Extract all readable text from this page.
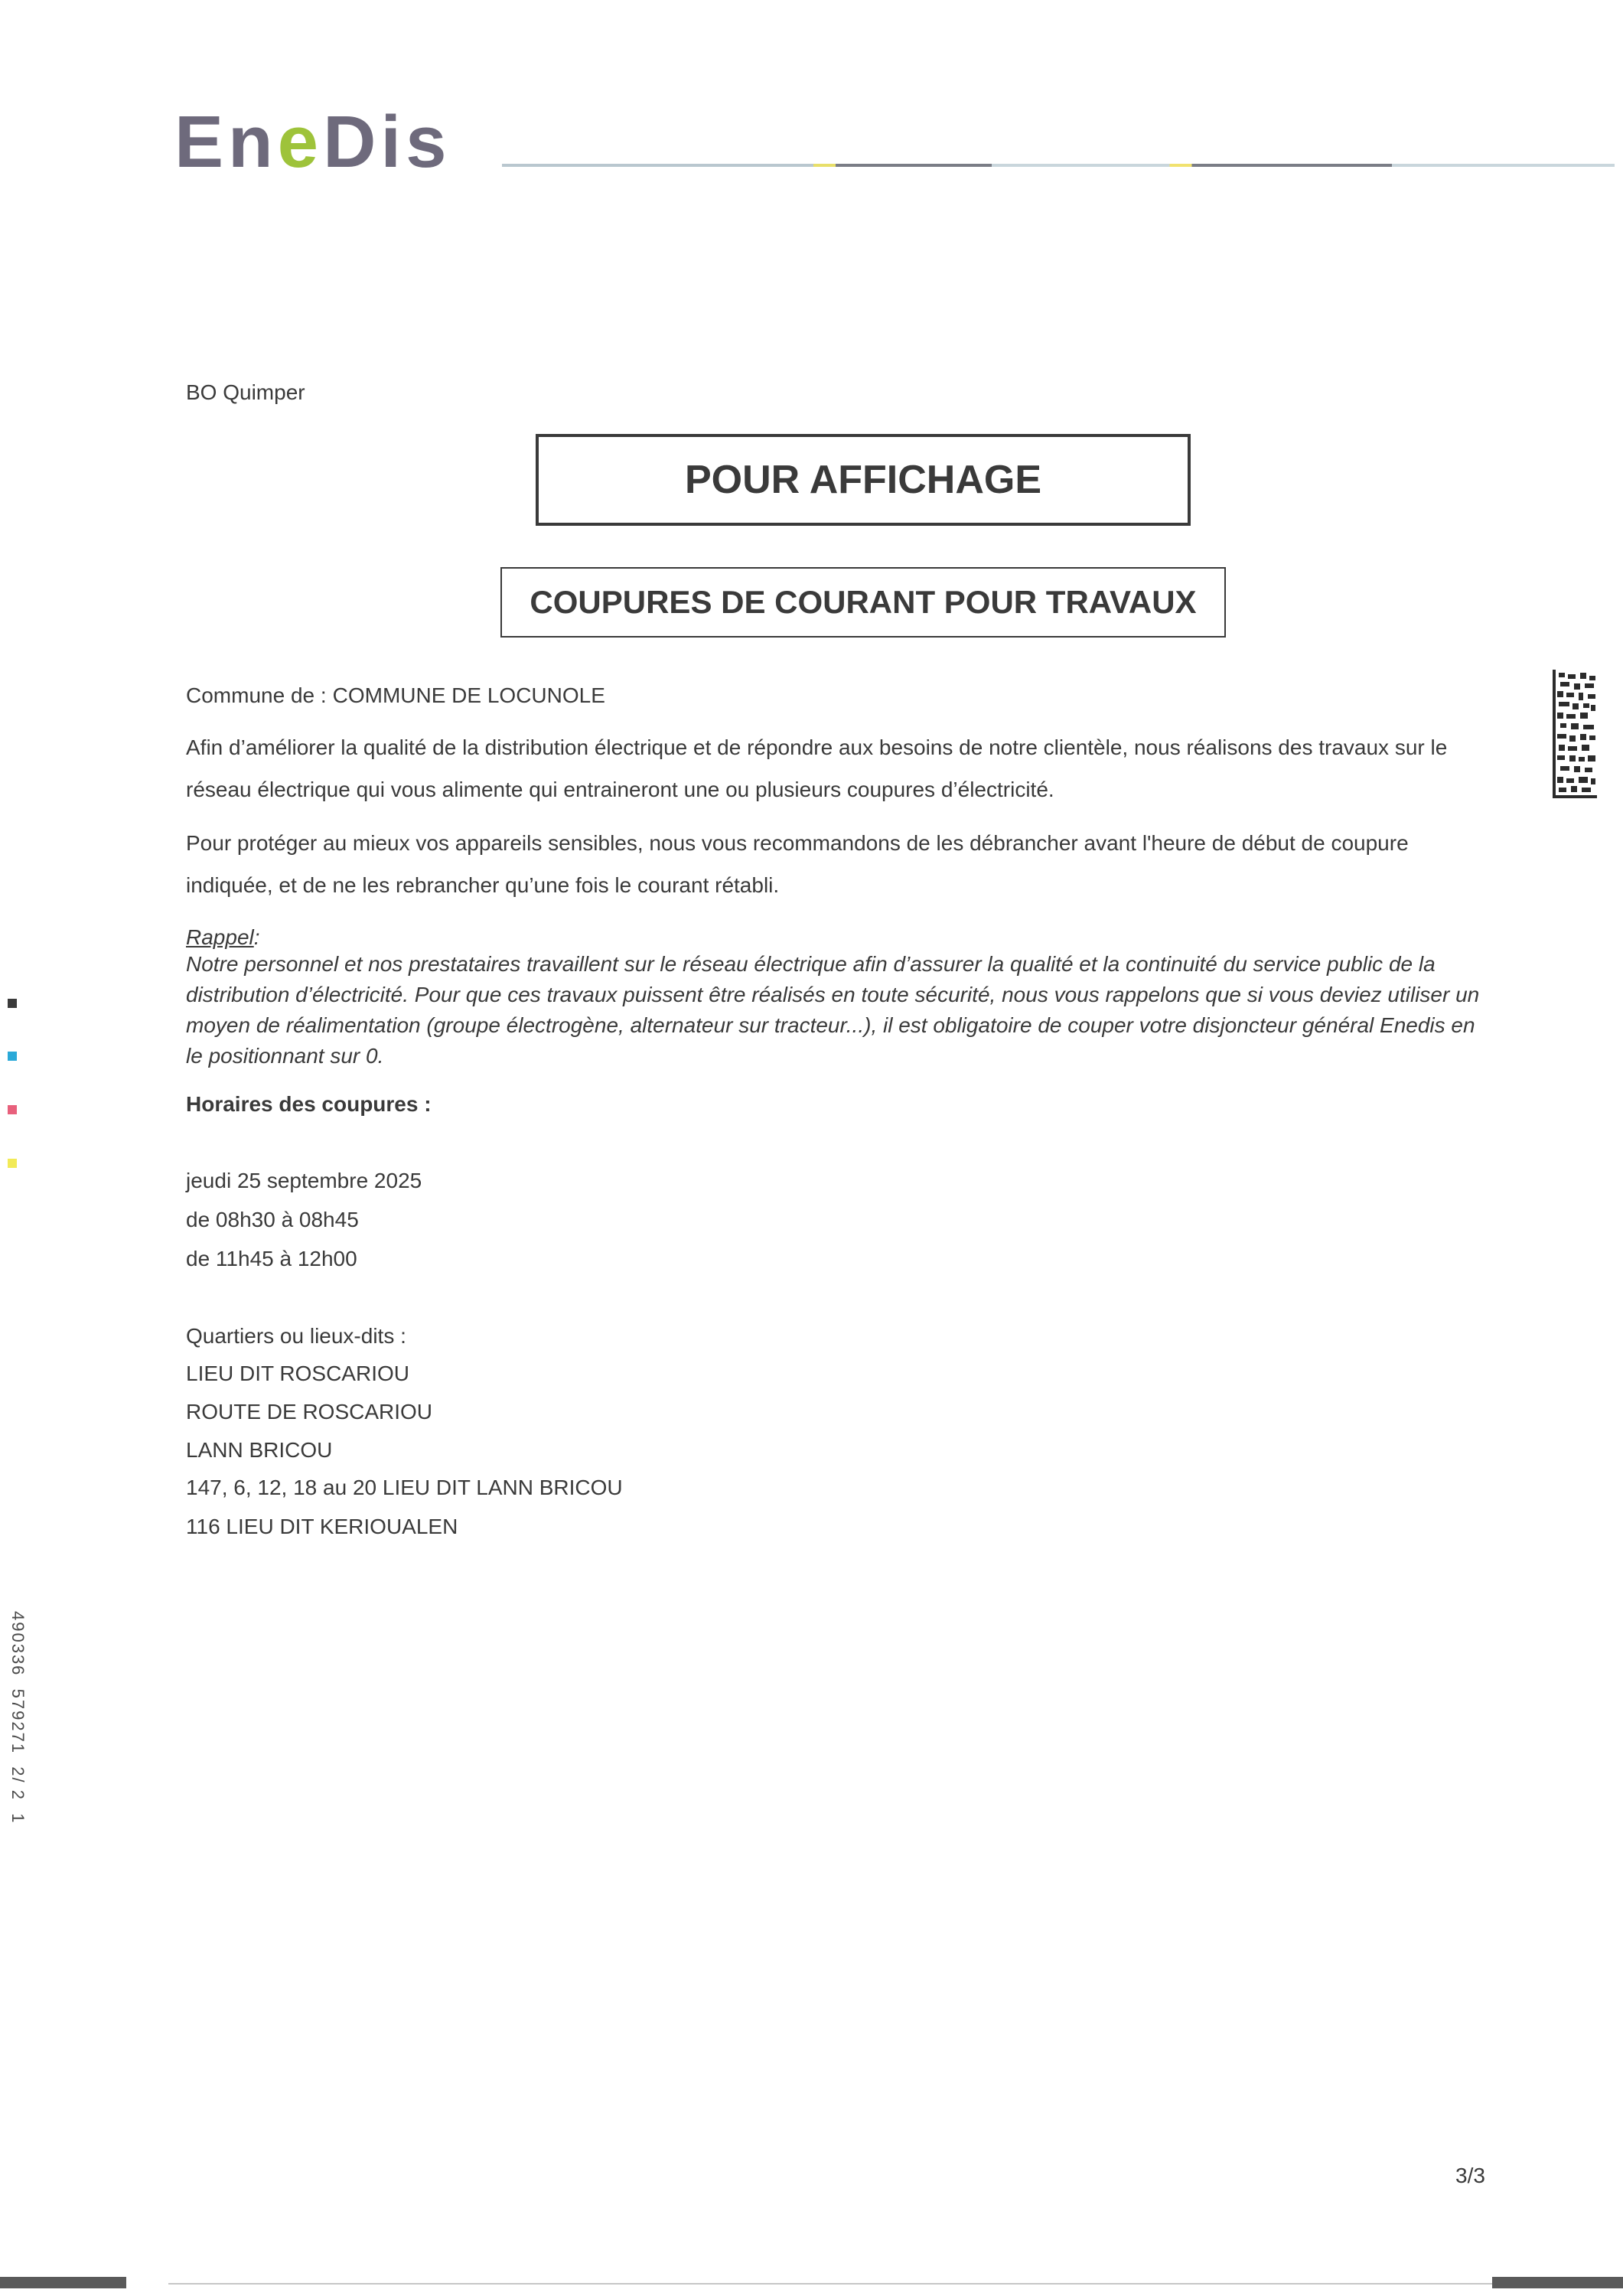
EneDis
BO Quimper
POUR AFFICHAGE
COUPURES DE COURANT POUR TRAVAUX
Commune de : COMMUNE DE LOCUNOLE
Afin d’améliorer la qualité de la distribution électrique et de répondre aux besoins de notre clientèle, nous réalisons des travaux sur le réseau électrique qui vous alimente qui entraineront une ou plusieurs coupures d’électricité.
Pour protéger au mieux vos appareils sensibles, nous vous recommandons de les débrancher avant l'heure de début de coupure indiquée, et de ne les rebrancher qu’une fois le courant rétabli.
Rappel:
Notre personnel et nos prestataires travaillent sur le réseau électrique afin d’assurer la qualité et la continuité du service public de la distribution d’électricité. Pour que ces travaux puissent être réalisés en toute sécurité, nous vous rappelons que si vous deviez utiliser un moyen de réalimentation (groupe électrogène, alternateur sur tracteur...), il est obligatoire de couper votre disjoncteur général Enedis en le positionnant sur 0.
Horaires des coupures :
jeudi 25 septembre 2025
de 08h30 à 08h45
de 11h45 à 12h00
Quartiers ou lieux-dits :
LIEU DIT ROSCARIOU
ROUTE DE ROSCARIOU
LANN BRICOU
147, 6, 12, 18 au 20 LIEU DIT LANN BRICOU
116 LIEU DIT KERIOUALEN
3/3
490336  579271  2/ 2  1
